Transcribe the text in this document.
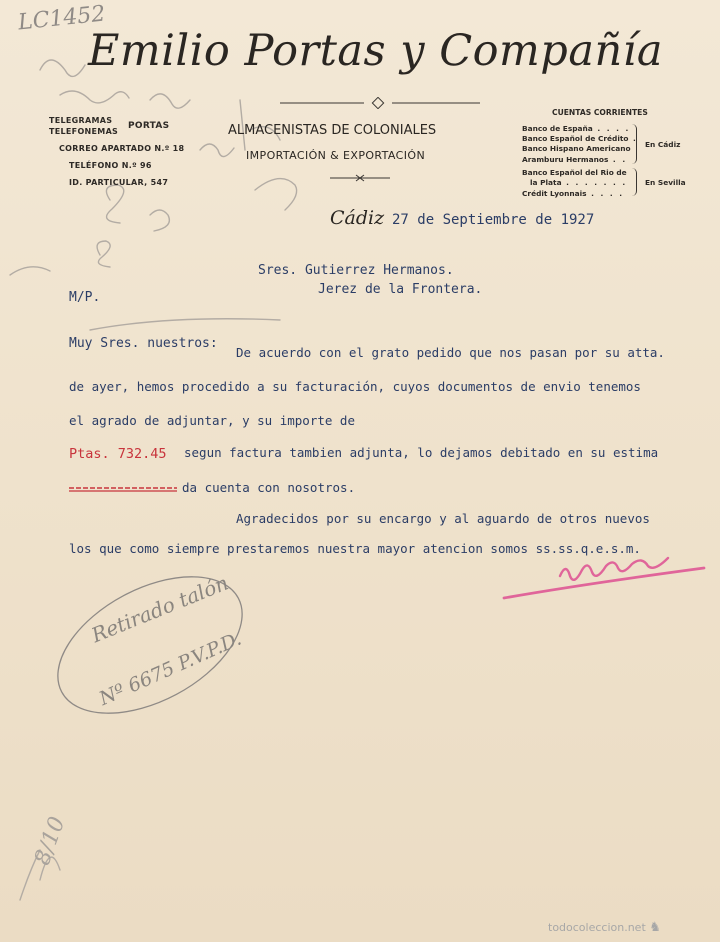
LC1452
Emilio Portas y Compañía
TELEGRAMAS
TELEFONEMAS
PORTAS
CORREO APARTADO N.º 18
TELÉFONO N.º 96
ID. PARTICULAR, 547
ALMACENISTAS DE COLONIALES
IMPORTACIÓN & EXPORTACIÓN
CUENTAS CORRIENTES
Banco de España . . . .
Banco Español de Crédito .
Banco Hispano Americano
Aramburu Hermanos . .
Banco Español del Rio de
la Plata . . . . . . .
Crédit Lyonnais . . . .
En Cádiz
En Sevilla
Cádiz 27 de Septiembre de 1927
Sres. Gutierrez Hermanos.
Jerez de la Frontera.
M/P.
Muy Sres. nuestros:
De acuerdo con el grato pedido que nos pasan por su atta.
de ayer, hemos procedido a su facturación, cuyos documentos de envio tenemos
el agrado de adjuntar, y su importe de
Ptas. 732.45 segun factura tambien adjunta, lo dejamos debitado en su estima
da cuenta con nosotros.
Agradecidos por su encargo y al aguardo de otros nuevos
los que como siempre prestaremos nuestra mayor atencion somos ss.ss.q.e.s.m.
Retirado talón
Nº 6675 P.V.P.D.
8/10
todocoleccion.net ♞
